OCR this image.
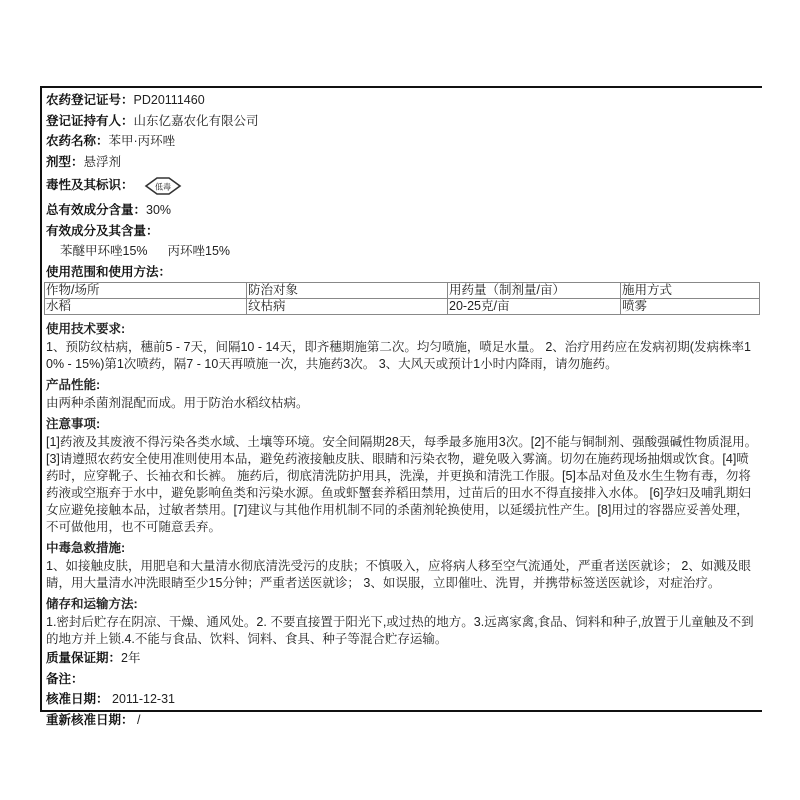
农药登记证号：PD20111460
登记证持有人：山东亿嘉农化有限公司
农药名称：苯甲·丙环唑
剂型：悬浮剂
毒性及其标识：	低毒
总有效成分含量：30%
有效成分及其含量：
苯醚甲环唑15% 丙环唑15%
使用范围和使用方法：
作物/场所	防治对象	用药量（制剂量/亩）	施用方式
水稻	纹枯病	20-25克/亩	喷雾
使用技术要求:
1、预防纹枯病，穗前5 - 7天，间隔10 - 14天，即齐穗期施第二次。均匀喷施，喷足水量。 2、治疗用药应在发病初期(发病株率10% - 15%)第1次喷药，隔7 - 10天再喷施一次，共施药3次。 3、大风天或预计1小时内降雨，请勿施药。
产品性能:
由两种杀菌剂混配而成。用于防治水稻纹枯病。
注意事项:
[1]药液及其废液不得污染各类水域、土壤等环境。安全间隔期28天，每季最多施用3次。[2]不能与铜制剂、强酸强碱性物质混用。[3]请遵照农药安全使用准则使用本品，避免药液接触皮肤、眼睛和污染衣物，避免吸入雾滴。切勿在施药现场抽烟或饮食。[4]喷药时，应穿靴子、长袖衣和长裤。 施药后，彻底清洗防护用具，洗澡，并更换和清洗工作服。[5]本品对鱼及水生生物有毒，勿将药液或空瓶弃于水中，避免影响鱼类和污染水源。鱼或虾蟹套养稻田禁用，过苗后的田水不得直接排入水体。 [6]孕妇及哺乳期妇女应避免接触本品，过敏者禁用。[7]建议与其他作用机制不同的杀菌剂轮换使用，以延缓抗性产生。[8]用过的容器应妥善处理，不可做他用，也不可随意丢弃。
中毒急救措施:
1、如接触皮肤，用肥皂和大量清水彻底清洗受污的皮肤；不慎吸入，应将病人移至空气流通处，严重者送医就诊； 2、如溅及眼睛，用大量清水冲洗眼睛至少15分钟；严重者送医就诊； 3、如误服，立即催吐、洗胃，并携带标签送医就诊，对症治疗。
储存和运输方法:
1.密封后贮存在阴凉、干燥、通风处。2. 不要直接置于阳光下,或过热的地方。3.远离家禽,食品、饲料和种子,放置于儿童触及不到的地方并上锁.4.不能与食品、饮料、饲料、食具、种子等混合贮存运输。
质量保证期：2年
备注：
核准日期： 2011-12-31
重新核准日期： /
